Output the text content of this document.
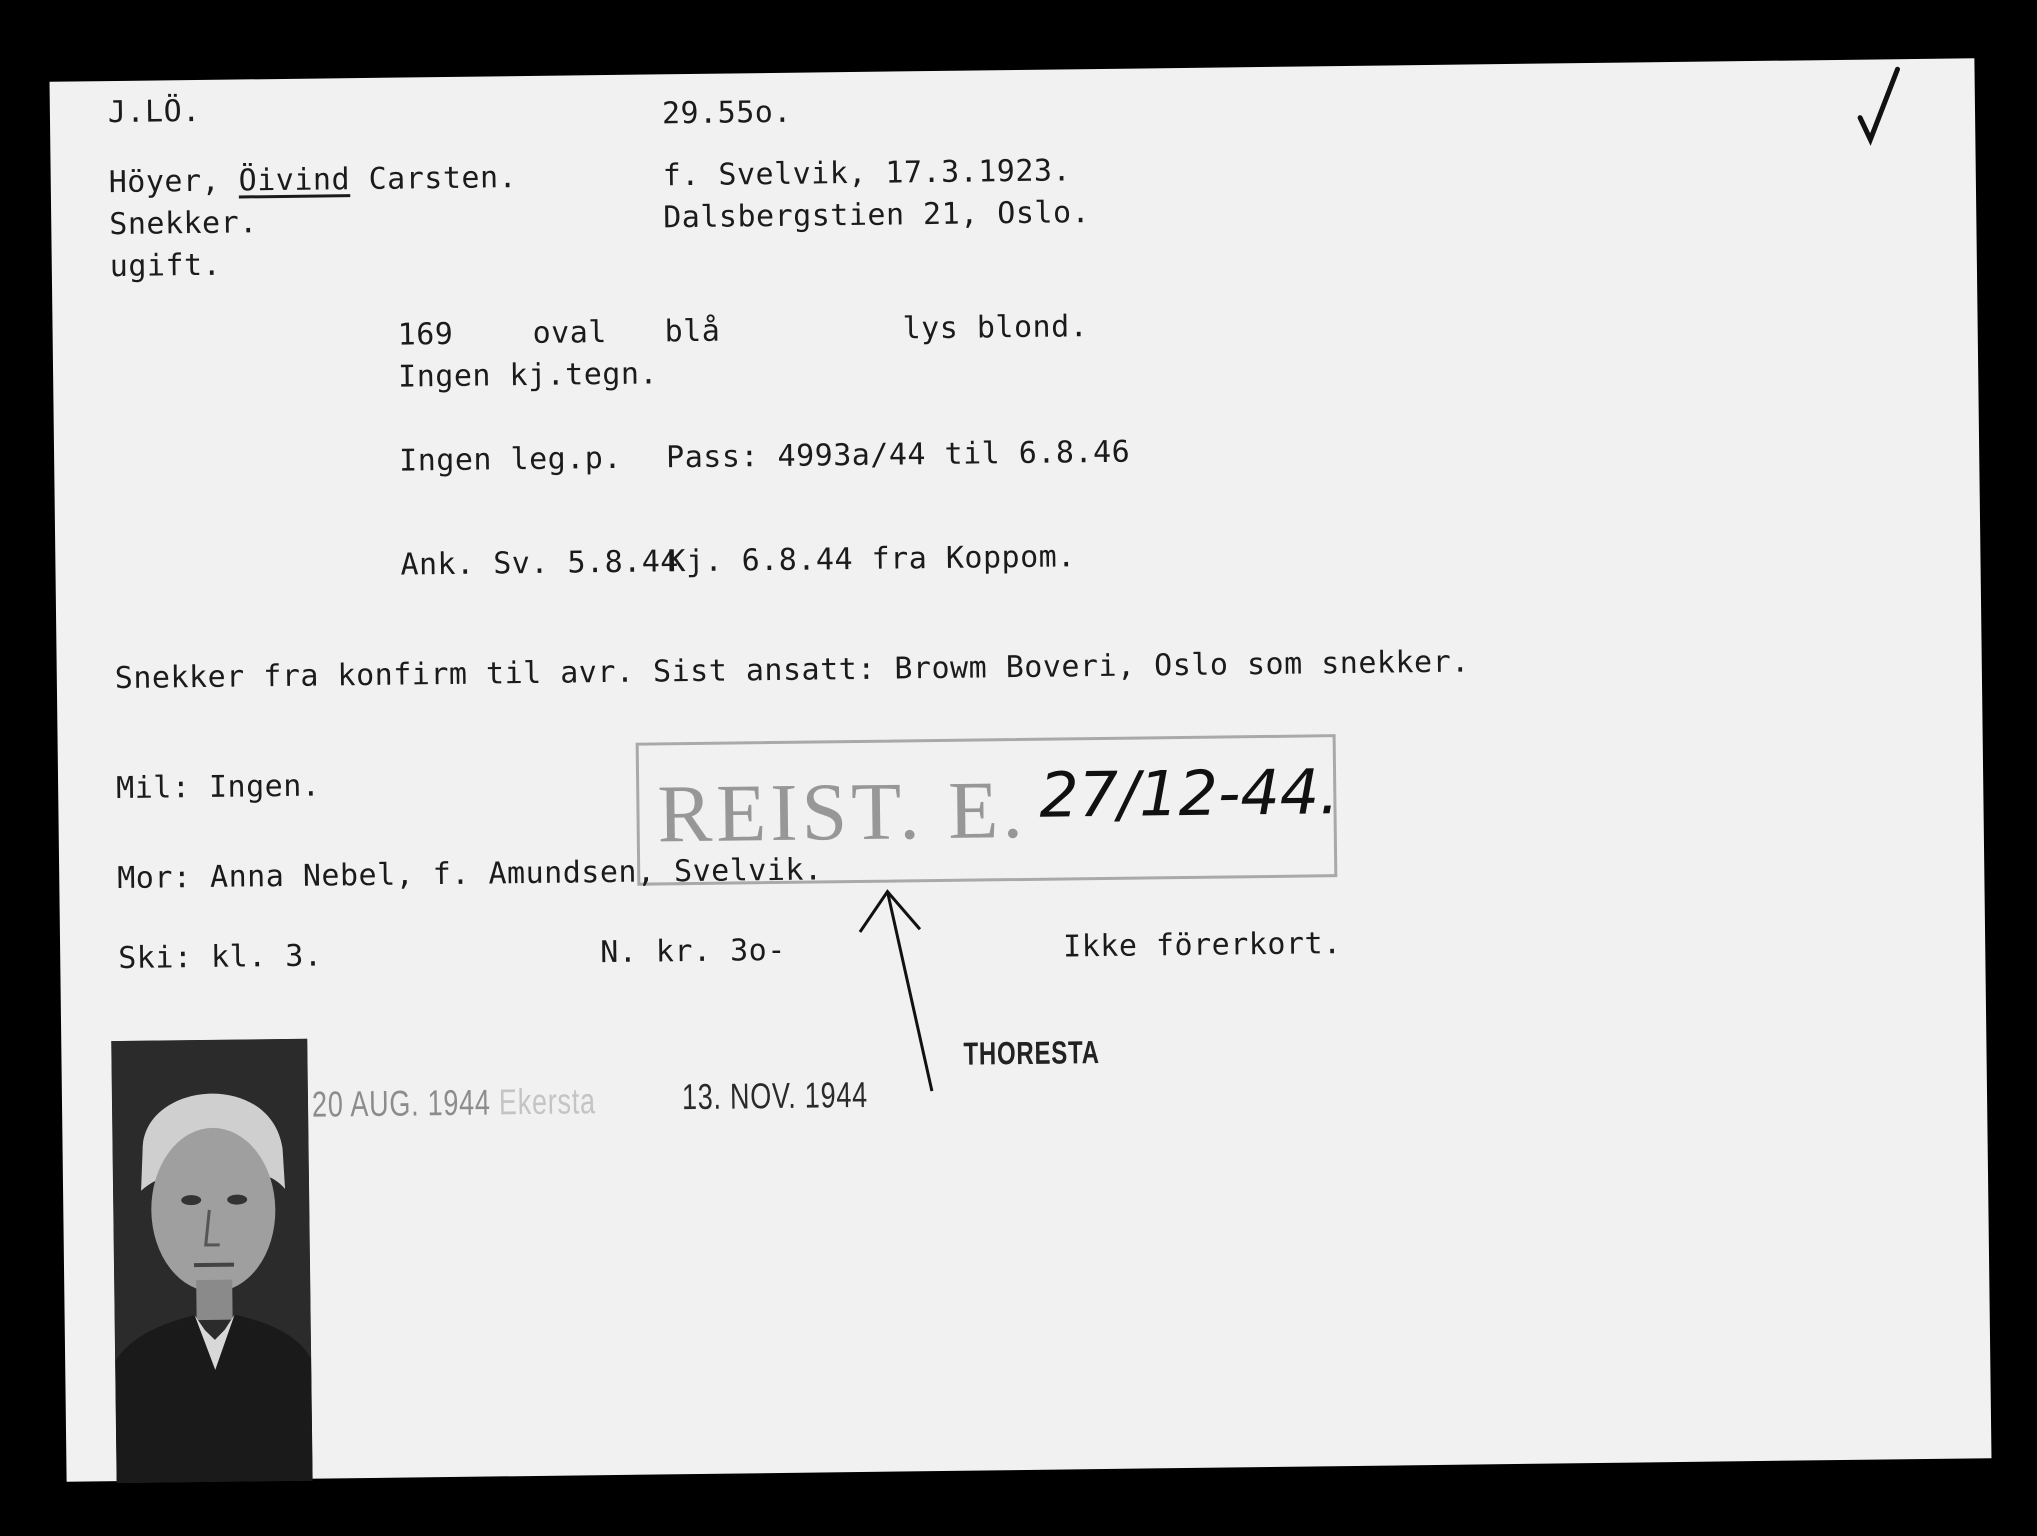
J.LÖ.	29.55o.
Höyer, Öivind Carsten.
Snekker.
ugift.
f. Svelvik, 17.3.1923.
Dalsbergstien 21, Oslo.
169	oval blå	lys blond.
Ingen kj.tegn.
Ingen leg.p. Pass: 4993a/44 til 6.8.46
Ank. Sv. 5.8.44
Kj. 6.8.44 fra Koppom.
Snekker fra konfirm til avr. Sist ansatt: Browm Boveri, Oslo som snekker.
REIST. E. 27/12-44.
Mil: Ingen.
Mor: Anna Nebel, f. Amundsen, Svelvik.
Ski: kl. 3.	N. kr. 3o-	Ikke förerkort.
20 AUG. 1944 Ekersta 13. NOV. 1944
THORESTA
